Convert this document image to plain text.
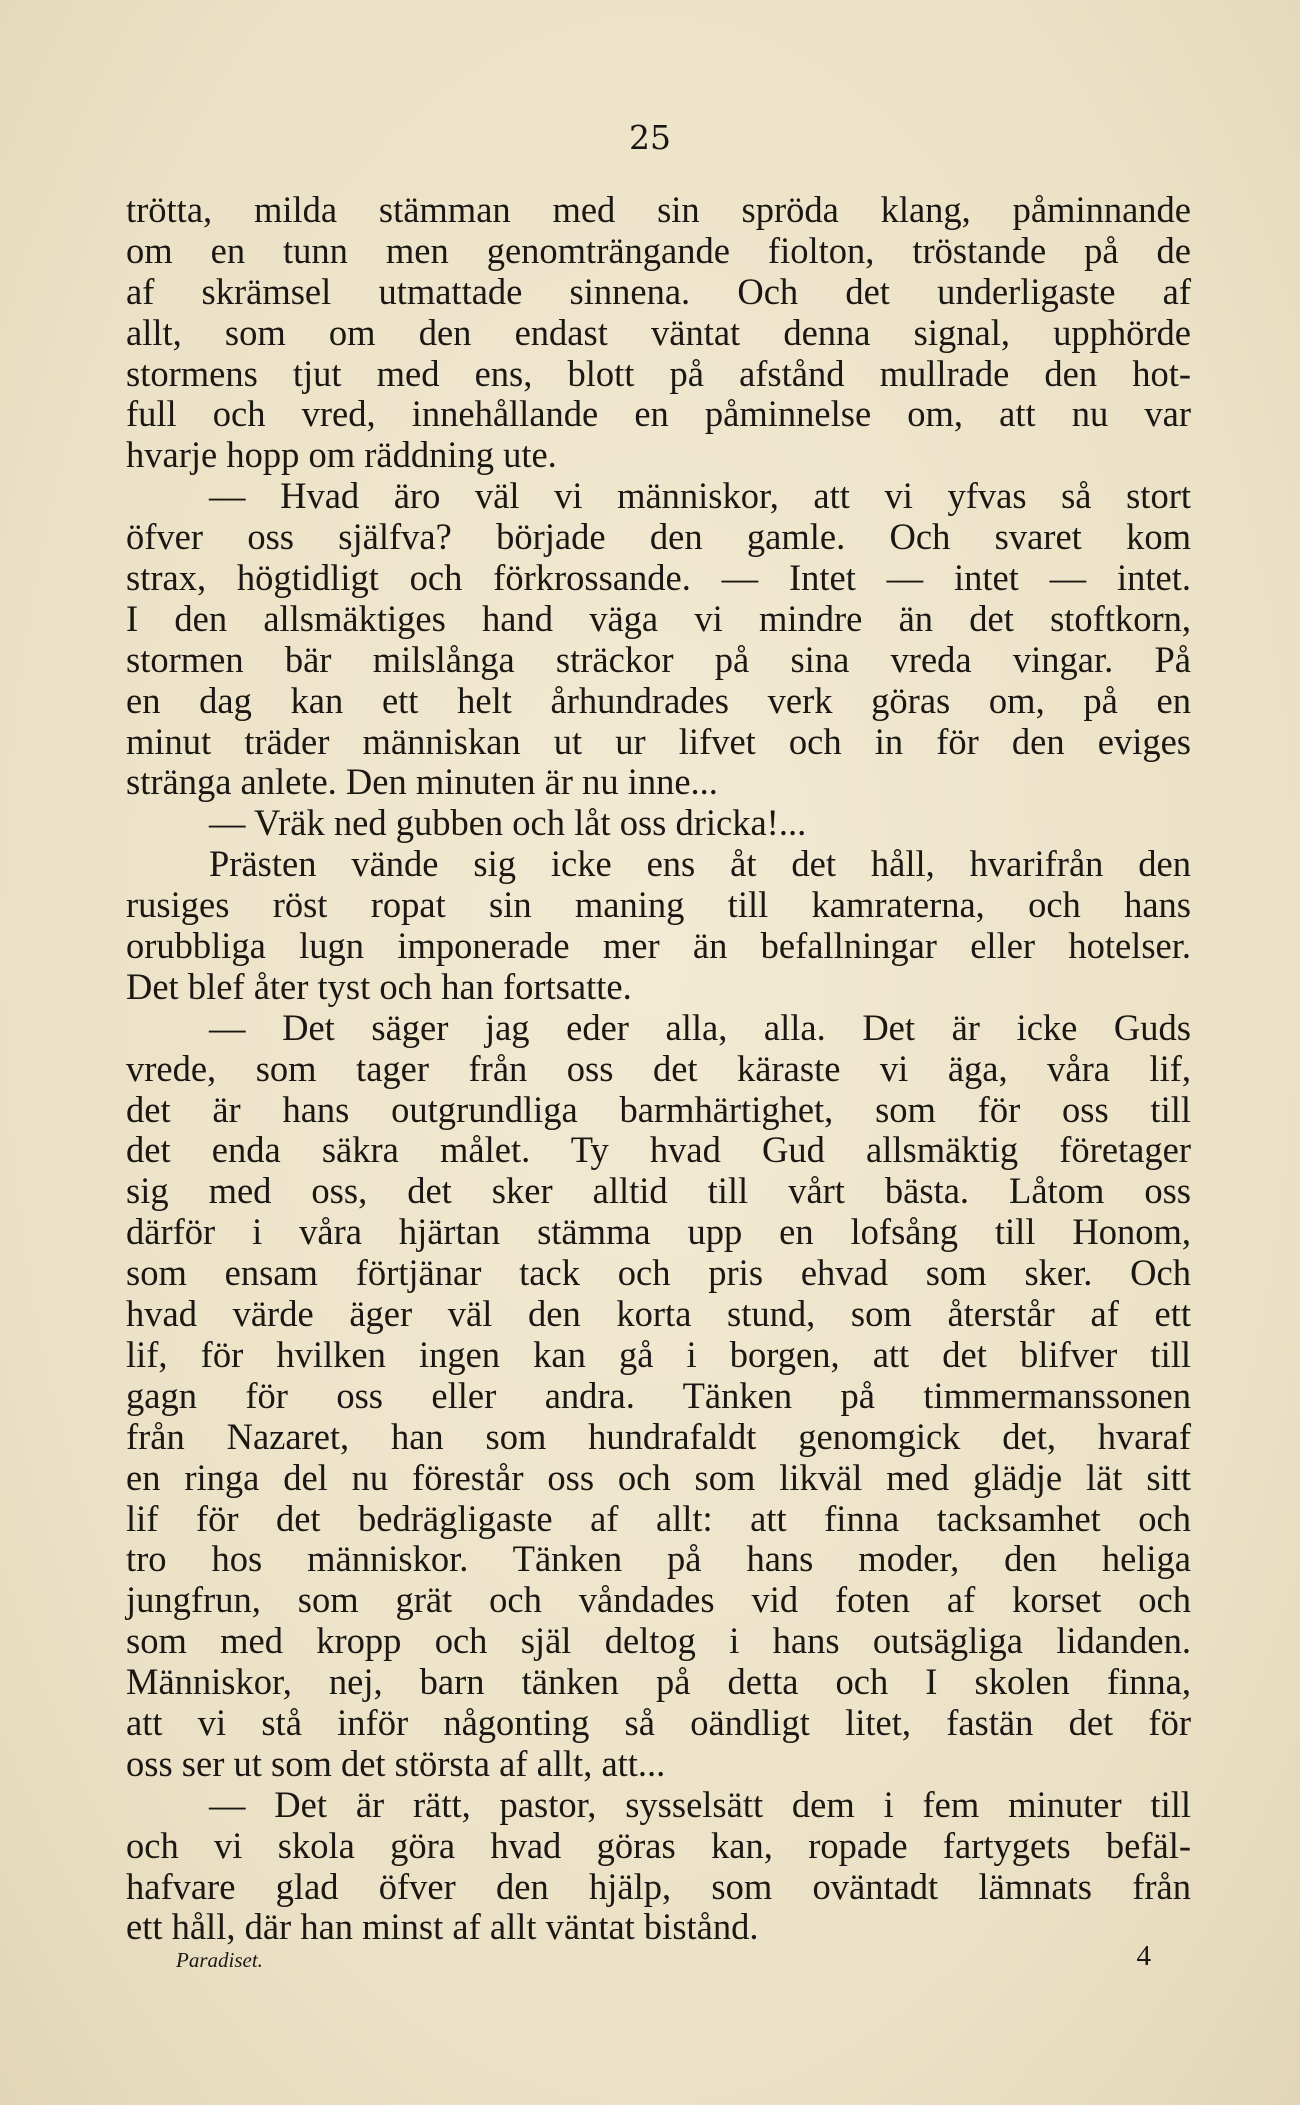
25
trötta, milda stämman med sin spröda klang, påminnande
om en tunn men genomträngande fiolton, tröstande på de
af skrämsel utmattade sinnena. Och det underligaste af
allt, som om den endast väntat denna signal, upphörde
stormens tjut med ens, blott på afstånd mullrade den hot-
full och vred, innehållande en påminnelse om, att nu var
hvarje hopp om räddning ute.
— Hvad äro väl vi människor, att vi yfvas så stort
öfver oss själfva? började den gamle. Och svaret kom
strax, högtidligt och förkrossande. — Intet — intet — intet.
I den allsmäktiges hand väga vi mindre än det stoftkorn,
stormen bär milslånga sträckor på sina vreda vingar. På
en dag kan ett helt århundrades verk göras om, på en
minut träder människan ut ur lifvet och in för den eviges
stränga anlete. Den minuten är nu inne...
— Vräk ned gubben och låt oss dricka!...
Prästen vände sig icke ens åt det håll, hvarifrån den
rusiges röst ropat sin maning till kamraterna, och hans
orubbliga lugn imponerade mer än befallningar eller hotelser.
Det blef åter tyst och han fortsatte.
— Det säger jag eder alla, alla. Det är icke Guds
vrede, som tager från oss det käraste vi äga, våra lif,
det är hans outgrundliga barmhärtighet, som för oss till
det enda säkra målet. Ty hvad Gud allsmäktig företager
sig med oss, det sker alltid till vårt bästa. Låtom oss
därför i våra hjärtan stämma upp en lofsång till Honom,
som ensam förtjänar tack och pris ehvad som sker. Och
hvad värde äger väl den korta stund, som återstår af ett
lif, för hvilken ingen kan gå i borgen, att det blifver till
gagn för oss eller andra. Tänken på timmermanssonen
från Nazaret, han som hundrafaldt genomgick det, hvaraf
en ringa del nu förestår oss och som likväl med glädje lät sitt
lif för det bedrägligaste af allt: att finna tacksamhet och
tro hos människor. Tänken på hans moder, den heliga
jungfrun, som grät och våndades vid foten af korset och
som med kropp och själ deltog i hans outsägliga lidanden.
Människor, nej, barn tänken på detta och I skolen finna,
att vi stå inför någonting så oändligt litet, fastän det för
oss ser ut som det största af allt, att...
— Det är rätt, pastor, sysselsätt dem i fem minuter till
och vi skola göra hvad göras kan, ropade fartygets befäl-
hafvare glad öfver den hjälp, som oväntadt lämnats från
ett håll, där han minst af allt väntat bistånd.
Paradiset.	4
